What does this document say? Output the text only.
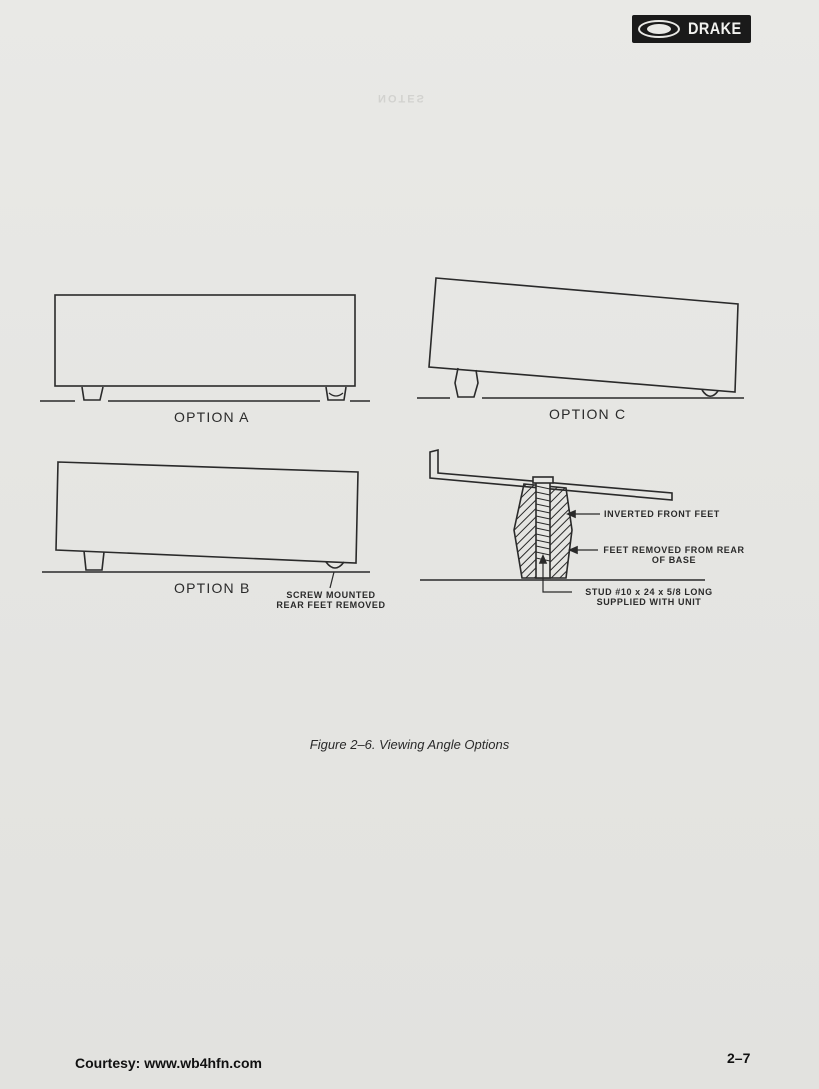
DRAKE
NOTES
OPTION A
OPTION B
OPTION C
SCREW MOUNTED
REAR FEET REMOVED
INVERTED FRONT FEET
FEET REMOVED FROM REAR
OF BASE
STUD #10 x 24 x 5/8 LONG
SUPPLIED WITH UNIT
Figure 2–6. Viewing Angle Options
Courtesy: www.wb4hfn.com	2–7
